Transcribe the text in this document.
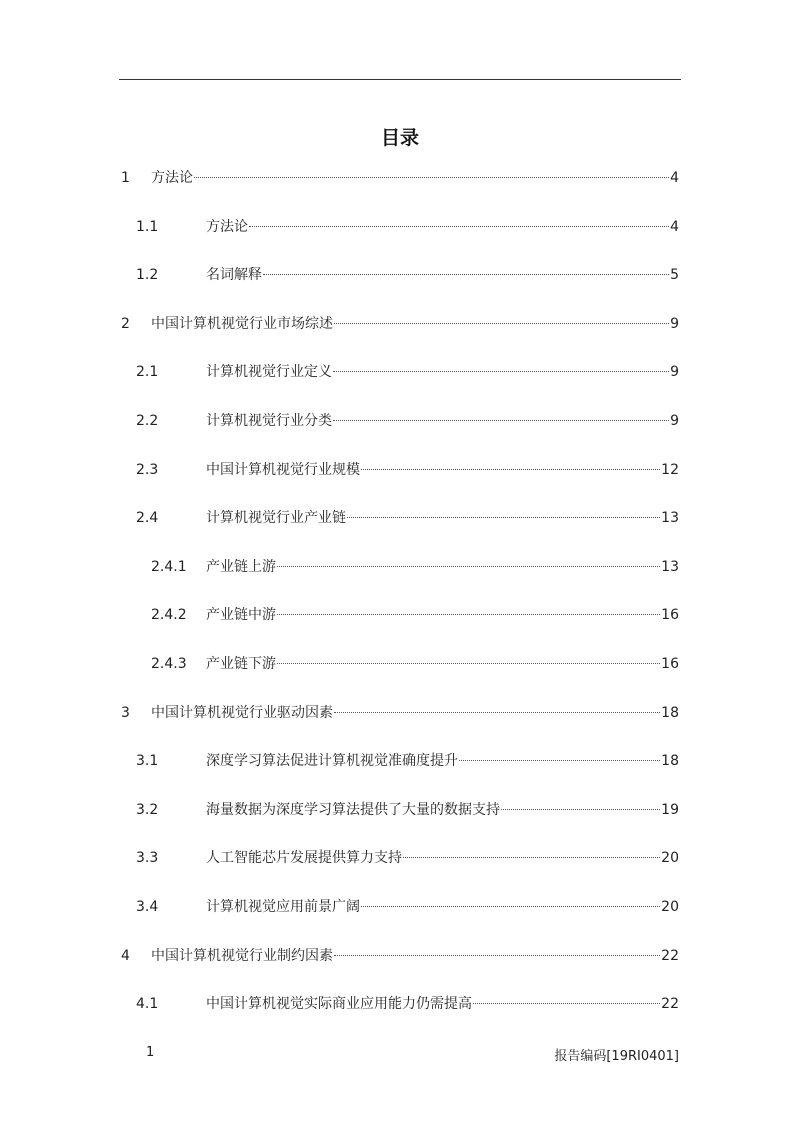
目录
1 方法论	4
1.1	方法论	4
1.2	名词解释	5
2 中国计算机视觉行业市场综述	9
2.1	计算机视觉行业定义	9
2.2	计算机视觉行业分类	9
2.3	中国计算机视觉行业规模	12
2.4	计算机视觉行业产业链	13
2.4.1 产业链上游	13
2.4.2 产业链中游	16
2.4.3 产业链下游	16
3 中国计算机视觉行业驱动因素	18
3.1	深度学习算法促进计算机视觉准确度提升	18
3.2	海量数据为深度学习算法提供了大量的数据支持	19
3.3	人工智能芯片发展提供算力支持	20
3.4	计算机视觉应用前景广阔	20
4 中国计算机视觉行业制约因素	22
4.1	中国计算机视觉实际商业应用能力仍需提高	22
1	报告编码[19RI0401]
